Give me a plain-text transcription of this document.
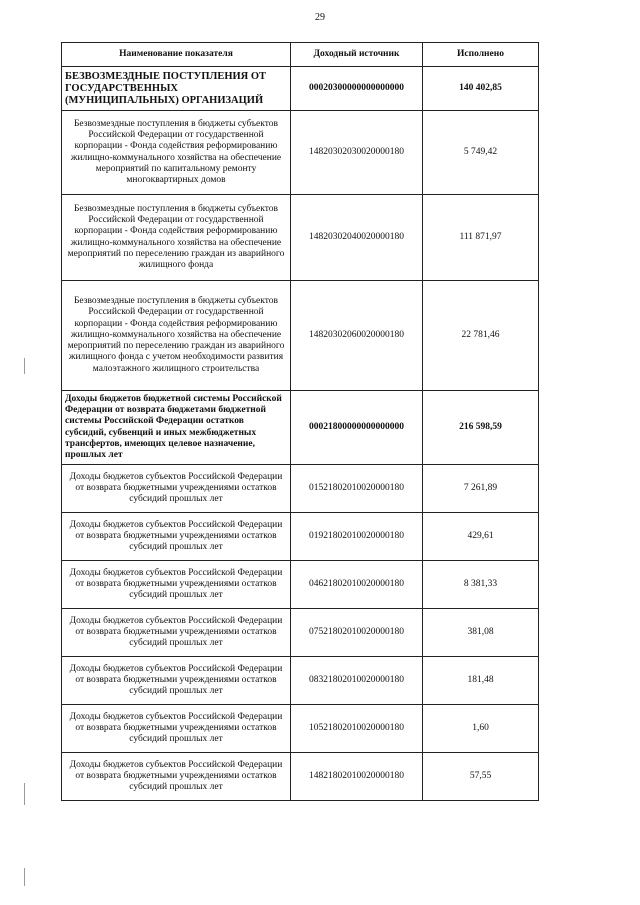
29
Наименование показателя	Доходный источник	Исполнено
БЕЗВОЗМЕЗДНЫЕ ПОСТУПЛЕНИЯ ОТ ГОСУДАРСТВЕННЫХ (МУНИЦИПАЛЬНЫХ) ОРГАНИЗАЦИЙ	00020300000000000000	140 402,85
Безвозмездные поступления в бюджеты субъектов Российской Федерации от государственной корпорации - Фонда содействия реформированию жилищно-коммунального хозяйства на обеспечение мероприятий по капитальному ремонту многоквартирных домов	14820302030020000180	5 749,42
Безвозмездные поступления в бюджеты субъектов Российской Федерации от государственной корпорации - Фонда содействия реформированию жилищно-коммунального хозяйства на обеспечение мероприятий по переселению граждан из аварийного жилищного фонда	14820302040020000180	111 871,97
Безвозмездные поступления в бюджеты субъектов Российской Федерации от государственной корпорации - Фонда содействия реформированию жилищно-коммунального хозяйства на обеспечение мероприятий по переселению граждан из аварийного жилищного фонда с учетом необходимости развития малоэтажного жилищного строительства	14820302060020000180	22 781,46
Доходы бюджетов бюджетной системы Российской Федерации от возврата бюджетами бюджетной системы Российской Федерации остатков субсидий, субвенций и иных межбюджетных трансфертов, имеющих целевое назначение, прошлых лет	00021800000000000000	216 598,59
Доходы бюджетов субъектов Российской Федерации от возврата бюджетными учреждениями остатков субсидий прошлых лет	01521802010020000180	7 261,89
Доходы бюджетов субъектов Российской Федерации от возврата бюджетными учреждениями остатков субсидий прошлых лет	01921802010020000180	429,61
Доходы бюджетов субъектов Российской Федерации от возврата бюджетными учреждениями остатков субсидий прошлых лет	04621802010020000180	8 381,33
Доходы бюджетов субъектов Российской Федерации от возврата бюджетными учреждениями остатков субсидий прошлых лет	07521802010020000180	381,08
Доходы бюджетов субъектов Российской Федерации от возврата бюджетными учреждениями остатков субсидий прошлых лет	08321802010020000180	181,48
Доходы бюджетов субъектов Российской Федерации от возврата бюджетными учреждениями остатков субсидий прошлых лет	10521802010020000180	1,60
Доходы бюджетов субъектов Российской Федерации от возврата бюджетными учреждениями остатков субсидий прошлых лет	14821802010020000180	57,55
